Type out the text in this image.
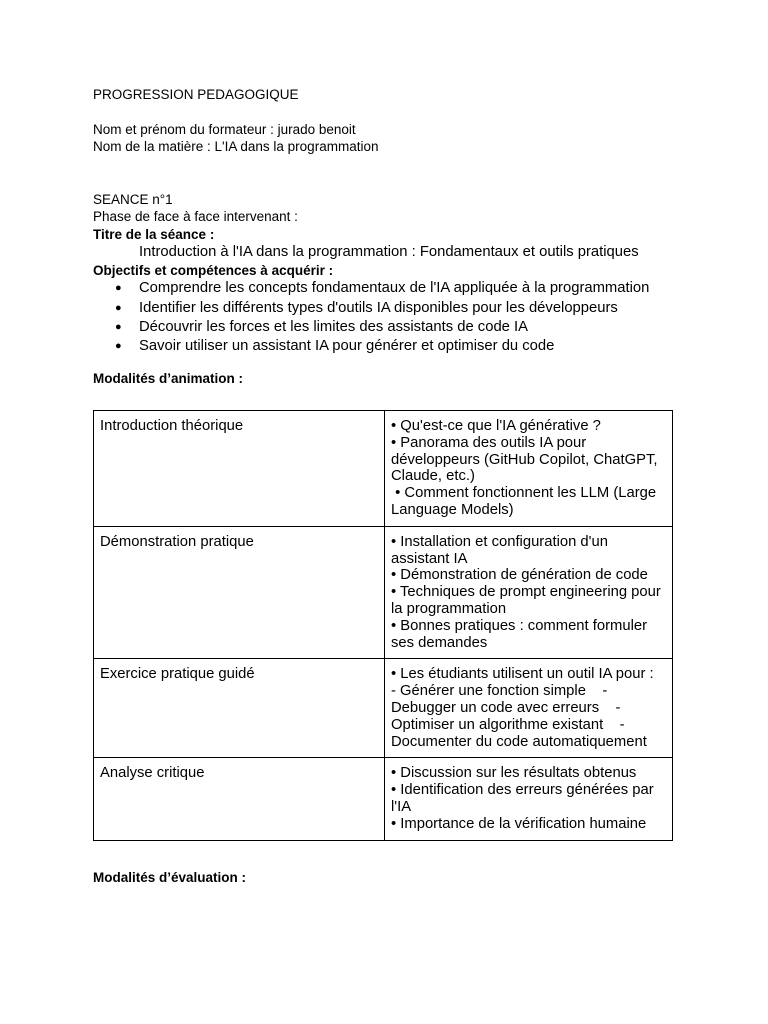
PROGRESSION PEDAGOGIQUE
Nom et prénom du formateur : jurado benoit
Nom de la matière : L'IA dans la programmation
SEANCE n°1
Phase de face à face intervenant :
Titre de la séance :
Introduction à l'IA dans la programmation : Fondamentaux et outils pratiques
Objectifs et compétences à acquérir :
● Comprendre les concepts fondamentaux de l'IA appliquée à la programmation
● Identifier les différents types d'outils IA disponibles pour les développeurs
● Découvrir les forces et les limites des assistants de code IA
● Savoir utiliser un assistant IA pour générer et optimiser du code
Modalités d’animation :
Introduction théorique	• Qu'est-ce que l'IA générative ?
• Panorama des outils IA pour développeurs (GitHub Copilot, ChatGPT, Claude, etc.)
• Comment fonctionnent les LLM (Large Language Models)

Démonstration pratique	• Installation et configuration d'un assistant IA
• Démonstration de génération de code
• Techniques de prompt engineering pour la programmation
• Bonnes pratiques : comment formuler ses demandes

Exercice pratique guidé	• Les étudiants utilisent un outil IA pour :
- Générer une fonction simple    - Debugger un code avec erreurs    - Optimiser un algorithme existant    - Documenter du code automatiquement

Analyse critique	• Discussion sur les résultats obtenus
• Identification des erreurs générées par l'IA
• Importance de la vérification humaine
Modalités d’évaluation :
